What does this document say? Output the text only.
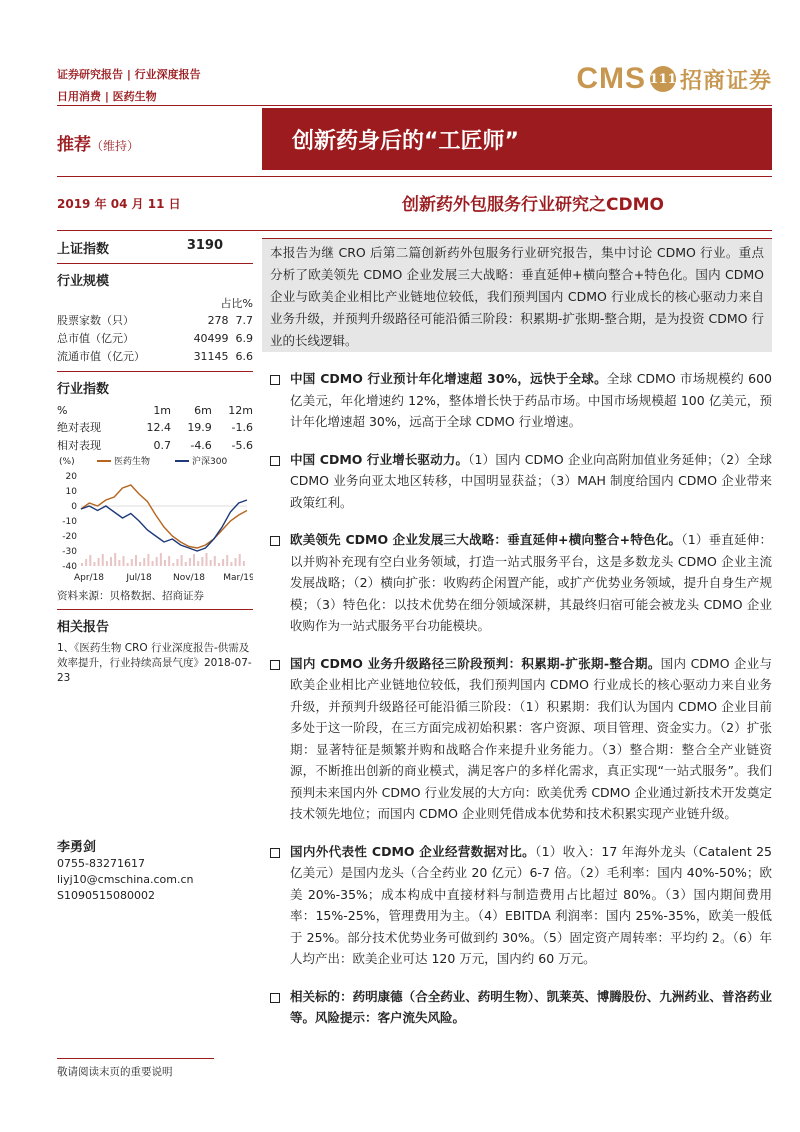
证券研究报告 | 行业深度报告
日用消费 | 医药生物
CMS 111 招商证券
推荐（维持）	创新药身后的“工匠师”
2019 年 04 月 11 日	创新药外包服务行业研究之CDMO
上证指数	3190

行业规模

占比%
股票家数（只）	278	7.7
总市值（亿元）	40499	6.9
流通市值（亿元）	31145	6.6

行业指数

%	1m	6m	12m
绝对表现	12.4	19.9	-1.6
相对表现	0.7	-4.6	-5.6
(%)	医药生物	沪深300
20
10
0
-10
-20
-30
-40
Apr/18 Jul/18 Nov/18 Mar/19
资料来源：贝格数据、招商证券

相关报告

1、《医药生物 CRO 行业深度报告-供需及效率提升，行业持续高景气度》2018-07-23
李勇剑
0755-83271617
liyj10@cmschina.com.cn
S1090515080002
本报告为继 CRO 后第二篇创新药外包服务行业研究报告，集中讨论 CDMO 行业。重点分析了欧美领先 CDMO 企业发展三大战略：垂直延伸+横向整合+特色化。国内 CDMO 企业与欧美企业相比产业链地位较低，我们预判国内 CDMO 行业成长的核心驱动力来自业务升级，并预判升级路径可能沿循三阶段：积累期-扩张期-整合期，是为投资 CDMO 行业的长线逻辑。

中国 CDMO 行业预计年化增速超 30%，远快于全球。全球 CDMO 市场规模约 600 亿美元，年化增速约 12%，整体增长快于药品市场。中国市场规模超 100 亿美元，预计年化增速超 30%，远高于全球 CDMO 行业增速。

中国 CDMO 行业增长驱动力。（1）国内 CDMO 企业向高附加值业务延伸；（2）全球 CDMO 业务向亚太地区转移，中国明显获益；（3）MAH 制度给国内 CDMO 企业带来政策红利。

欧美领先 CDMO 企业发展三大战略：垂直延伸+横向整合+特色化。（1）垂直延伸：以并购补充现有空白业务领域，打造一站式服务平台，这是多数龙头 CDMO 企业主流发展战略；（2）横向扩张：收购药企闲置产能，或扩产优势业务领域，提升自身生产规模；（3）特色化：以技术优势在细分领域深耕，其最终归宿可能会被龙头 CDMO 企业收购作为一站式服务平台功能模块。

国内 CDMO 业务升级路径三阶段预判：积累期-扩张期-整合期。国内 CDMO 企业与欧美企业相比产业链地位较低，我们预判国内 CDMO 行业成长的核心驱动力来自业务升级，并预判升级路径可能沿循三阶段：（1）积累期：我们认为国内 CDMO 企业目前多处于这一阶段，在三方面完成初始积累：客户资源、项目管理、资金实力。（2）扩张期：显著特征是频繁并购和战略合作来提升业务能力。（3）整合期：整合全产业链资源，不断推出创新的商业模式，满足客户的多样化需求，真正实现“一站式服务”。我们预判未来国内外 CDMO 行业发展的大方向：欧美优秀 CDMO 企业通过新技术开发奠定技术领先地位；而国内 CDMO 企业则凭借成本优势和技术积累实现产业链升级。

国内外代表性 CDMO 企业经营数据对比。（1）收入：17 年海外龙头（Catalent 25 亿美元）是国内龙头（合全药业 20 亿元）6-7 倍。（2）毛利率：国内 40%-50%；欧美 20%-35%；成本构成中直接材料与制造费用占比超过 80%。（3）国内期间费用率：15%-25%，管理费用为主。（4）EBITDA 利润率：国内 25%-35%，欧美一般低于 25%。部分技术优势业务可做到约 30%。（5）固定资产周转率：平均约 2。（6）年人均产出：欧美企业可达 120 万元，国内约 60 万元。

相关标的：药明康德（合全药业、药明生物）、凯莱英、博腾股份、九洲药业、普洛药业等。风险提示：客户流失风险。

敬请阅读末页的重要说明
